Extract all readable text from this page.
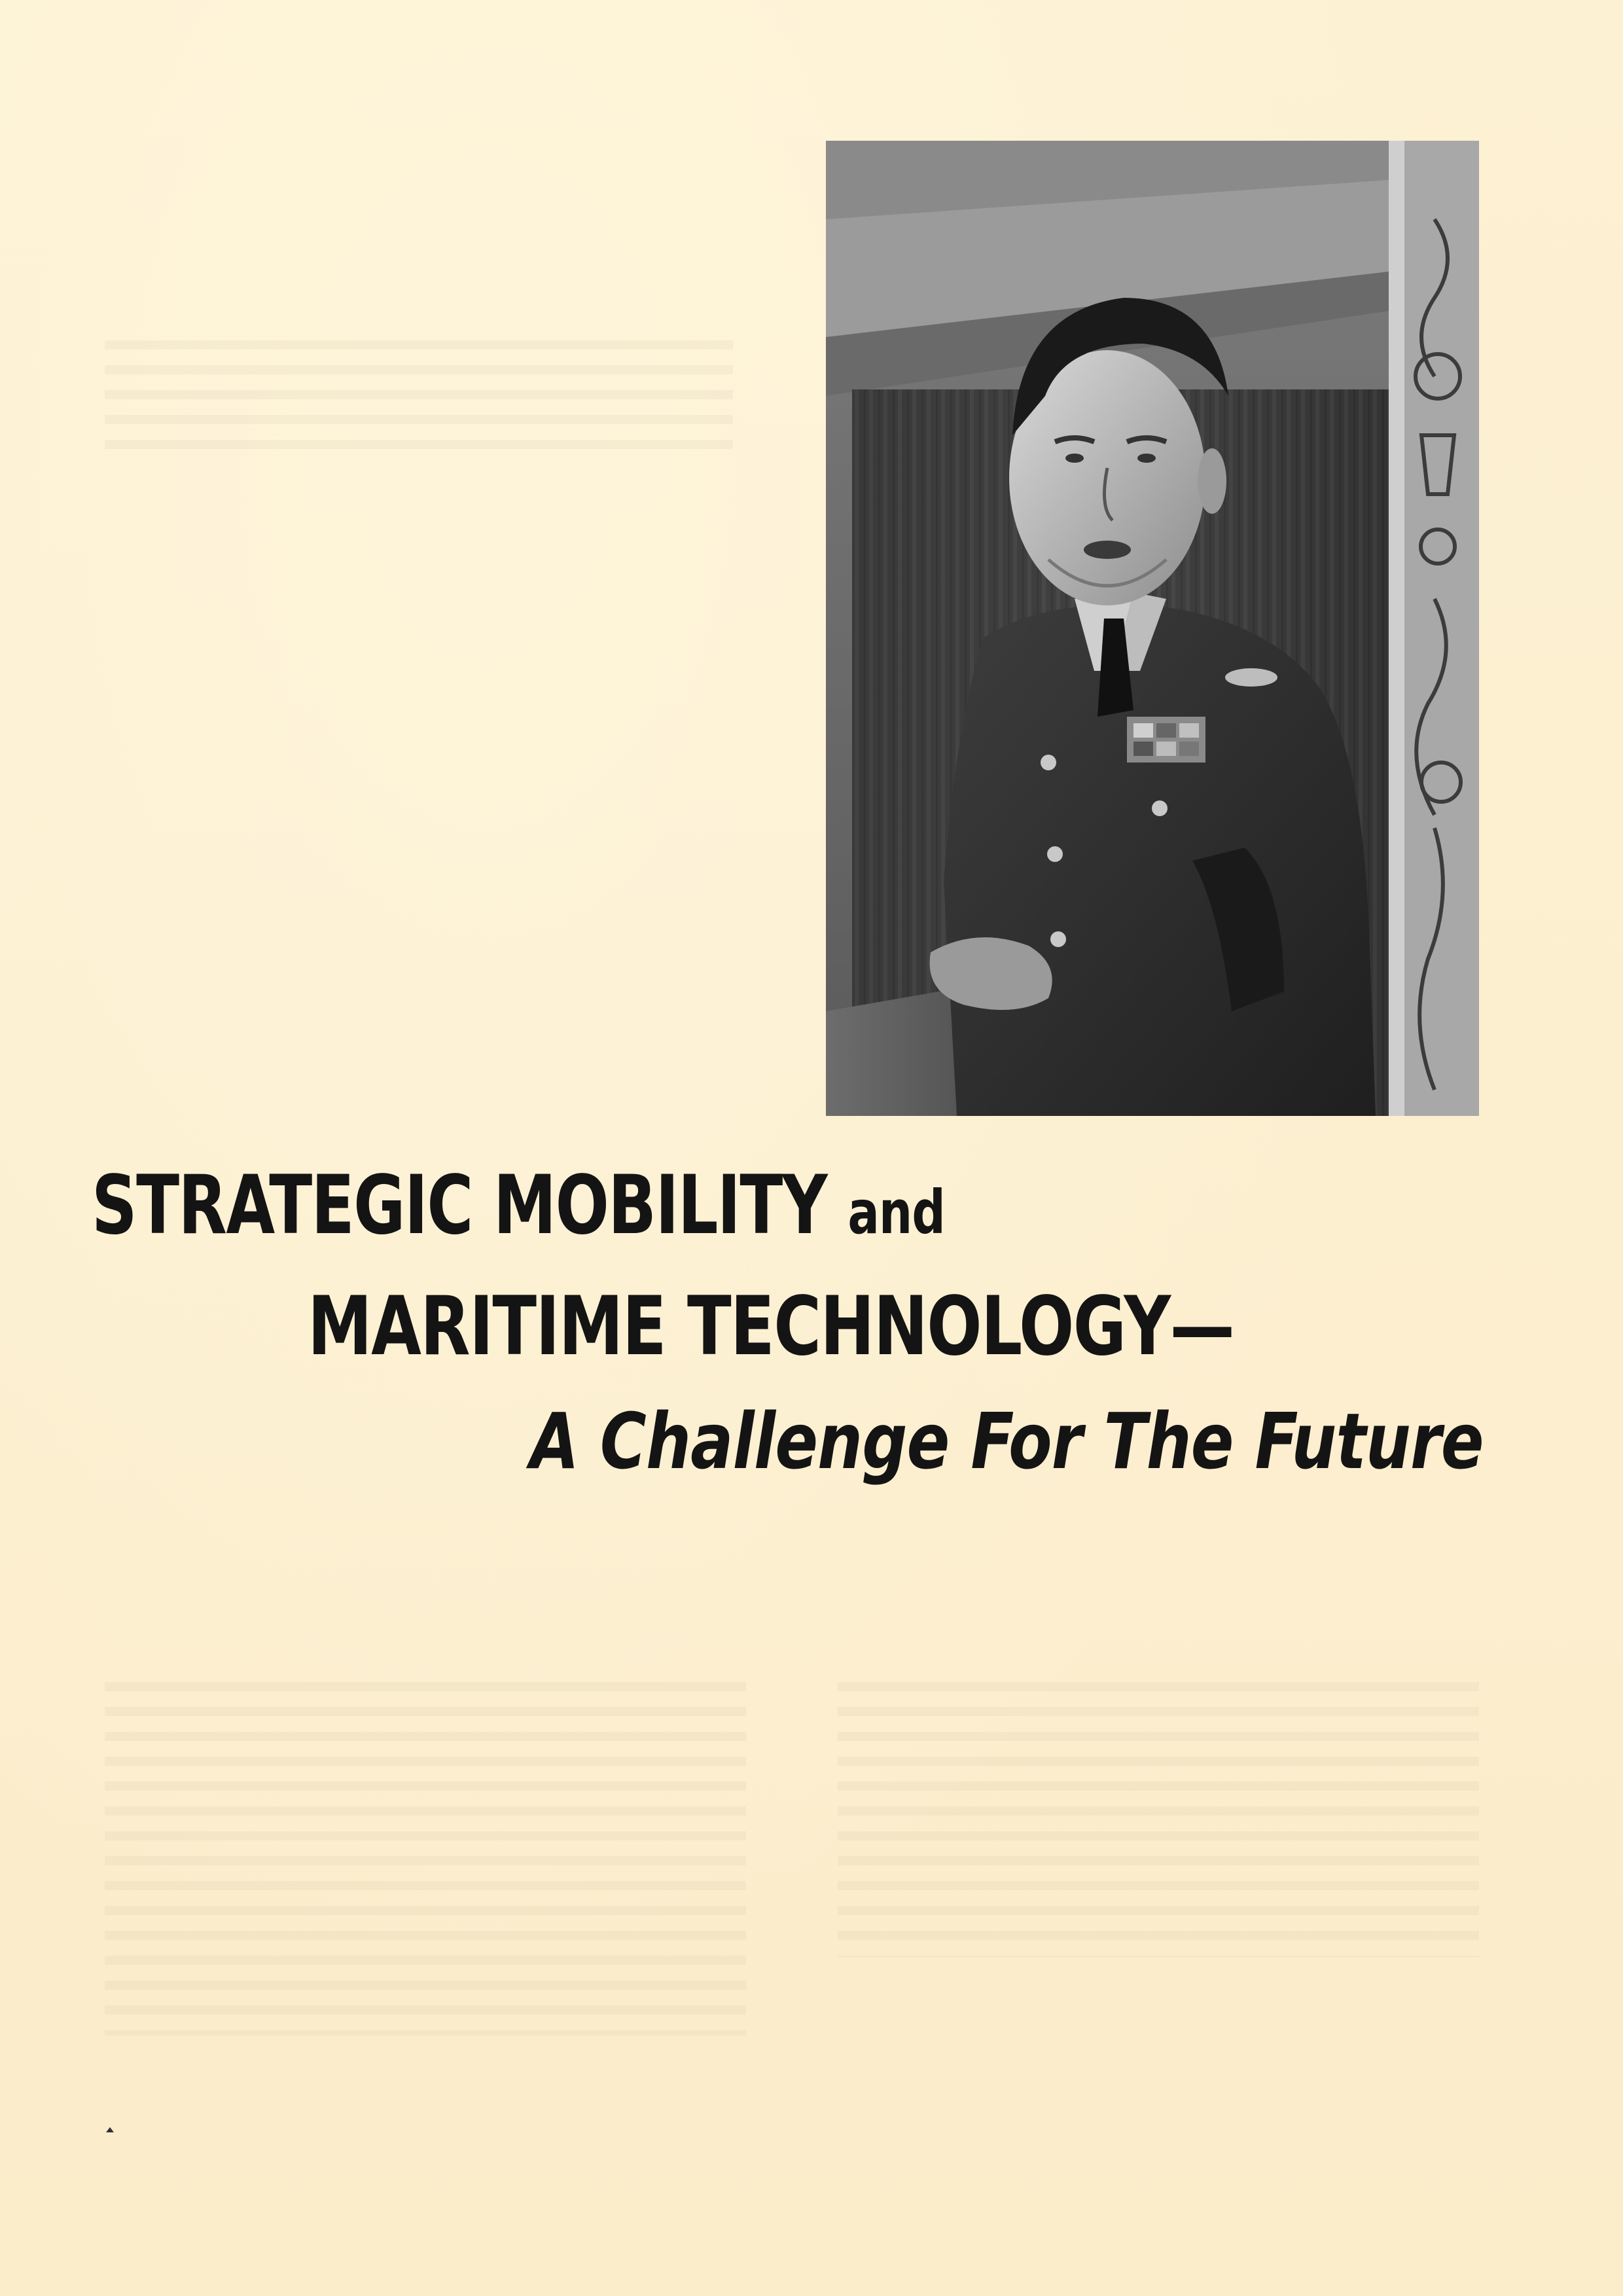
STRATEGIC MOBILITY and
MARITIME TECHNOLOGY—
A Challenge For The Future
